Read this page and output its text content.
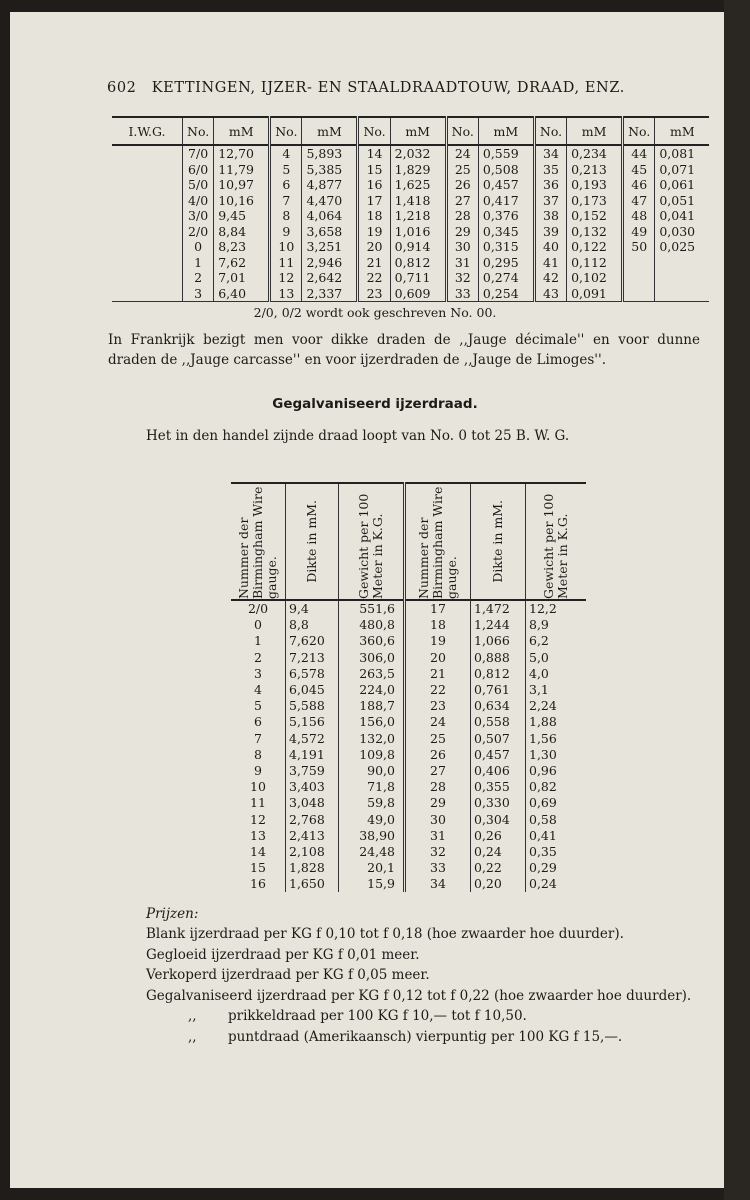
602 KETTINGEN, IJZER- EN STAALDRAADTOUW, DRAAD, ENZ.
I.W.G.	No.	mM	No.	mM	No.	mM	No.	mM	No.	mM	No.	mM
	7/0	12,70	4	5,893	14	2,032	24	0,559	34	0,234	44	0,081
	6/0	11,79	5	5,385	15	1,829	25	0,508	35	0,213	45	0,071
	5/0	10,97	6	4,877	16	1,625	26	0,457	36	0,193	46	0,061
	4/0	10,16	7	4,470	17	1,418	27	0,417	37	0,173	47	0,051
	3/0	9,45	8	4,064	18	1,218	28	0,376	38	0,152	48	0,041
	2/0	8,84	9	3,658	19	1,016	29	0,345	39	0,132	49	0,030
	0	8,23	10	3,251	20	0,914	30	0,315	40	0,122	50	0,025
	1	7,62	11	2,946	21	0,812	31	0,295	41	0,112		
	2	7,01	12	2,642	22	0,711	32	0,274	42	0,102		
	3	6,40	13	2,337	23	0,609	33	0,254	43	0,091		
2/0, 0/2 wordt ook geschreven No. 00.
In Frankrijk bezigt men voor dikke draden de ,,Jauge décimale'' en voor dunne draden de ,,Jauge carcasse'' en voor ijzerdraden de ,,Jauge de Limoges''.
Gegalvaniseerd ijzerdraad.
Het in den handel zijnde draad loopt van No. 0 tot 25 B. W. G.
Nummer der Birmingham Wire gauge.	Dikte in mM.	Gewicht per 100 Meter in K.G.	Nummer der Birmingham Wire gauge.	Dikte in mM.	Gewicht per 100 Meter in K.G.

2/0	9,4	551,6	17	1,472	12,2
0	8,8	480,8	18	1,244	8,9
1	7,620	360,6	19	1,066	6,2
2	7,213	306,0	20	0,888	5,0
3	6,578	263,5	21	0,812	4,0
4	6,045	224,0	22	0,761	3,1
5	5,588	188,7	23	0,634	2,24
6	5,156	156,0	24	0,558	1,88
7	4,572	132,0	25	0,507	1,56
8	4,191	109,8	26	0,457	1,30
9	3,759	90,0	27	0,406	0,96
10	3,403	71,8	28	0,355	0,82
11	3,048	59,8	29	0,330	0,69
12	2,768	49,0	30	0,304	0,58
13	2,413	38,90	31	0,26	0,41
14	2,108	24,48	32	0,24	0,35
15	1,828	20,1	33	0,22	0,29
16	1,650	15,9	34	0,20	0,24
Prijzen:
Blank ijzerdraad per KG f 0,10 tot f 0,18 (hoe zwaarder hoe duurder).
Gegloeid ijzerdraad per KG f 0,01 meer.
Verkoperd ijzerdraad per KG f 0,05 meer.
Gegalvaniseerd ijzerdraad per KG f 0,12 tot f 0,22 (hoe zwaarder hoe duurder).
,, prikkeldraad per 100 KG f 10,— tot f 10,50.
,, puntdraad (Amerikaansch) vierpuntig per 100 KG f 15,—.
